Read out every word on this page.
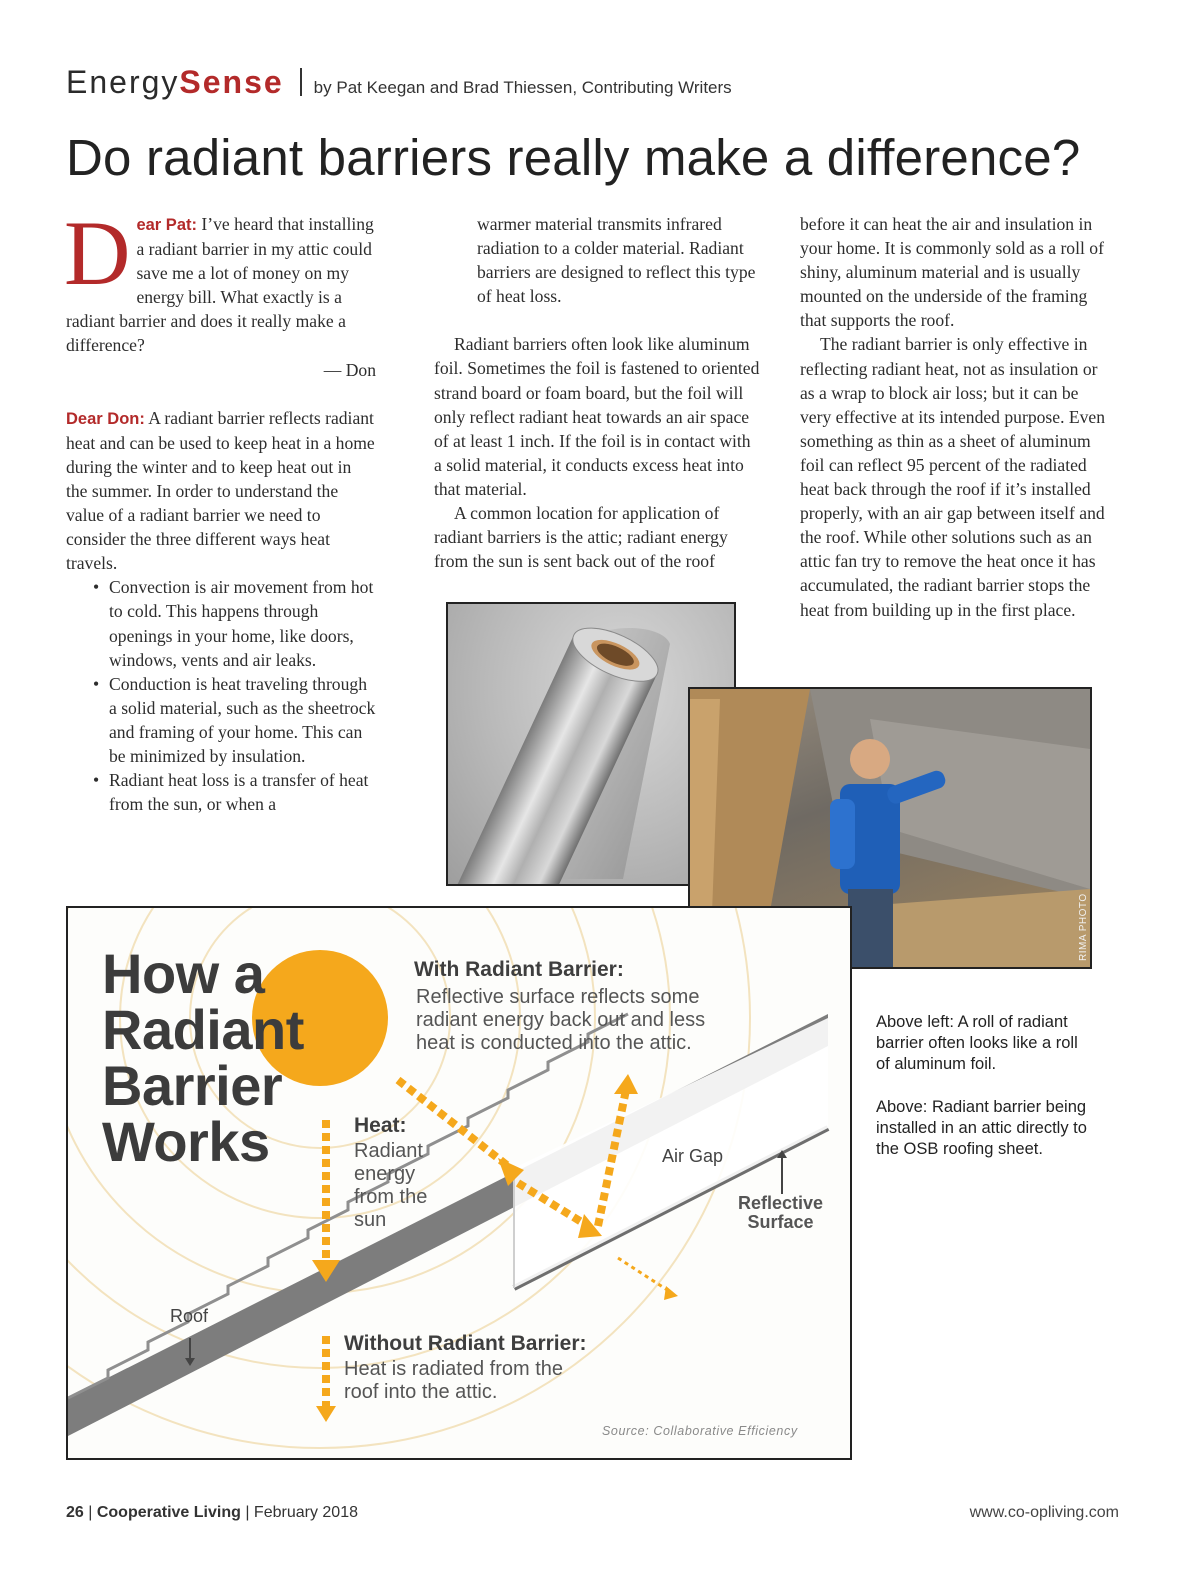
EnergySense by Pat Keegan and Brad Thiessen, Contributing Writers
Do radiant barriers really make a difference?

Dear Pat: I’ve heard that installing a radiant barrier in my attic could save me a lot of money on my energy bill. What exactly is a radiant barrier and does it really make a difference?

— Don

Dear Don: A radiant barrier reflects radiant heat and can be used to keep heat in a home during the winter and to keep heat out in the summer. In order to understand the value of a radiant barrier we need to consider the three different ways heat travels.

• Convection is air movement from hot to cold. This happens through openings in your home, like doors, windows, vents and air leaks.
• Conduction is heat traveling through a solid material, such as the sheetrock and framing of your home. This can be minimized by insulation.
• Radiant heat loss is a transfer of heat from the sun, or when a

warmer material transmits infrared radiation to a colder material. Radiant barriers are designed to reflect this type of heat loss.

Radiant barriers often look like aluminum foil. Sometimes the foil is fastened to oriented strand board or foam board, but the foil will only reflect radiant heat towards an air space of at least 1 inch. If the foil is in contact with a solid material, it conducts excess heat into that material.

A common location for application of radiant barriers is the attic; radiant energy from the sun is sent back out of the roof

before it can heat the air and insulation in your home. It is commonly sold as a roll of shiny, aluminum material and is usually mounted on the underside of the framing that supports the roof.

The radiant barrier is only effective in reflecting radiant heat, not as insulation or as a wrap to block air loss; but it can be very effective at its intended purpose. Even something as thin as a sheet of aluminum foil can reflect 95 percent of the radiated heat back through the roof if it’s installed properly, with an air gap between itself and the roof. While other solutions such as an attic fan try to remove the heat once it has accumulated, the radiant barrier stops the heat from building up in the first place.

RIMA PHOTO
How a
Radiant
Barrier
Works
With Radiant Barrier:
Reflective surface reflects some
radiant energy back out and less
heat is conducted into the attic.
Heat:
Radiant
energy
from the
sun
Air Gap
Reflective
Surface
Roof
Without Radiant Barrier:
Heat is radiated from the
roof into the attic.
Source: Collaborative Efficiency

Above left: A roll of radiant barrier often looks like a roll of aluminum foil.

Above: Radiant barrier being installed in an attic directly to the OSB roofing sheet.

26 | Cooperative Living | February 2018	www.co-opliving.com
